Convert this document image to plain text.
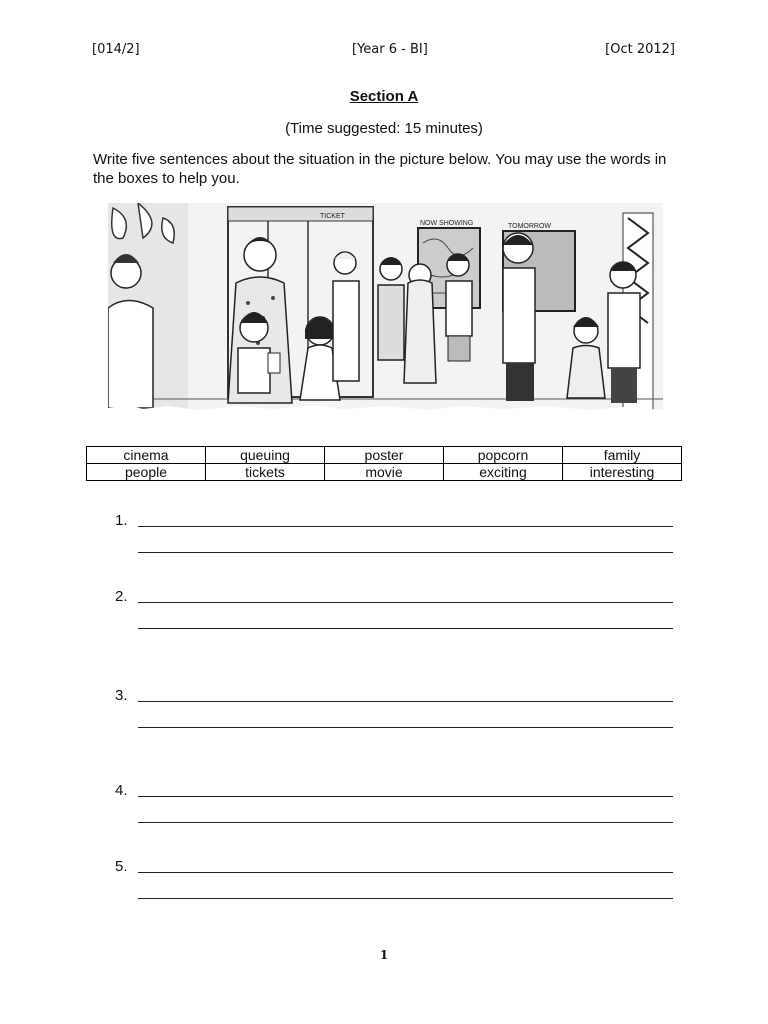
[014/2]	[Year 6 - BI]	[Oct 2012]
Section A
(Time suggested: 15 minutes)
Write five sentences about the situation in the picture below. You may use the words in the boxes to help you.
TICKET
NOW SHOWING	TOMORROW
cinema	queuing	poster	popcorn	family
people	tickets	movie	exciting	interesting
1.
2.
3.
4.
5.
1
